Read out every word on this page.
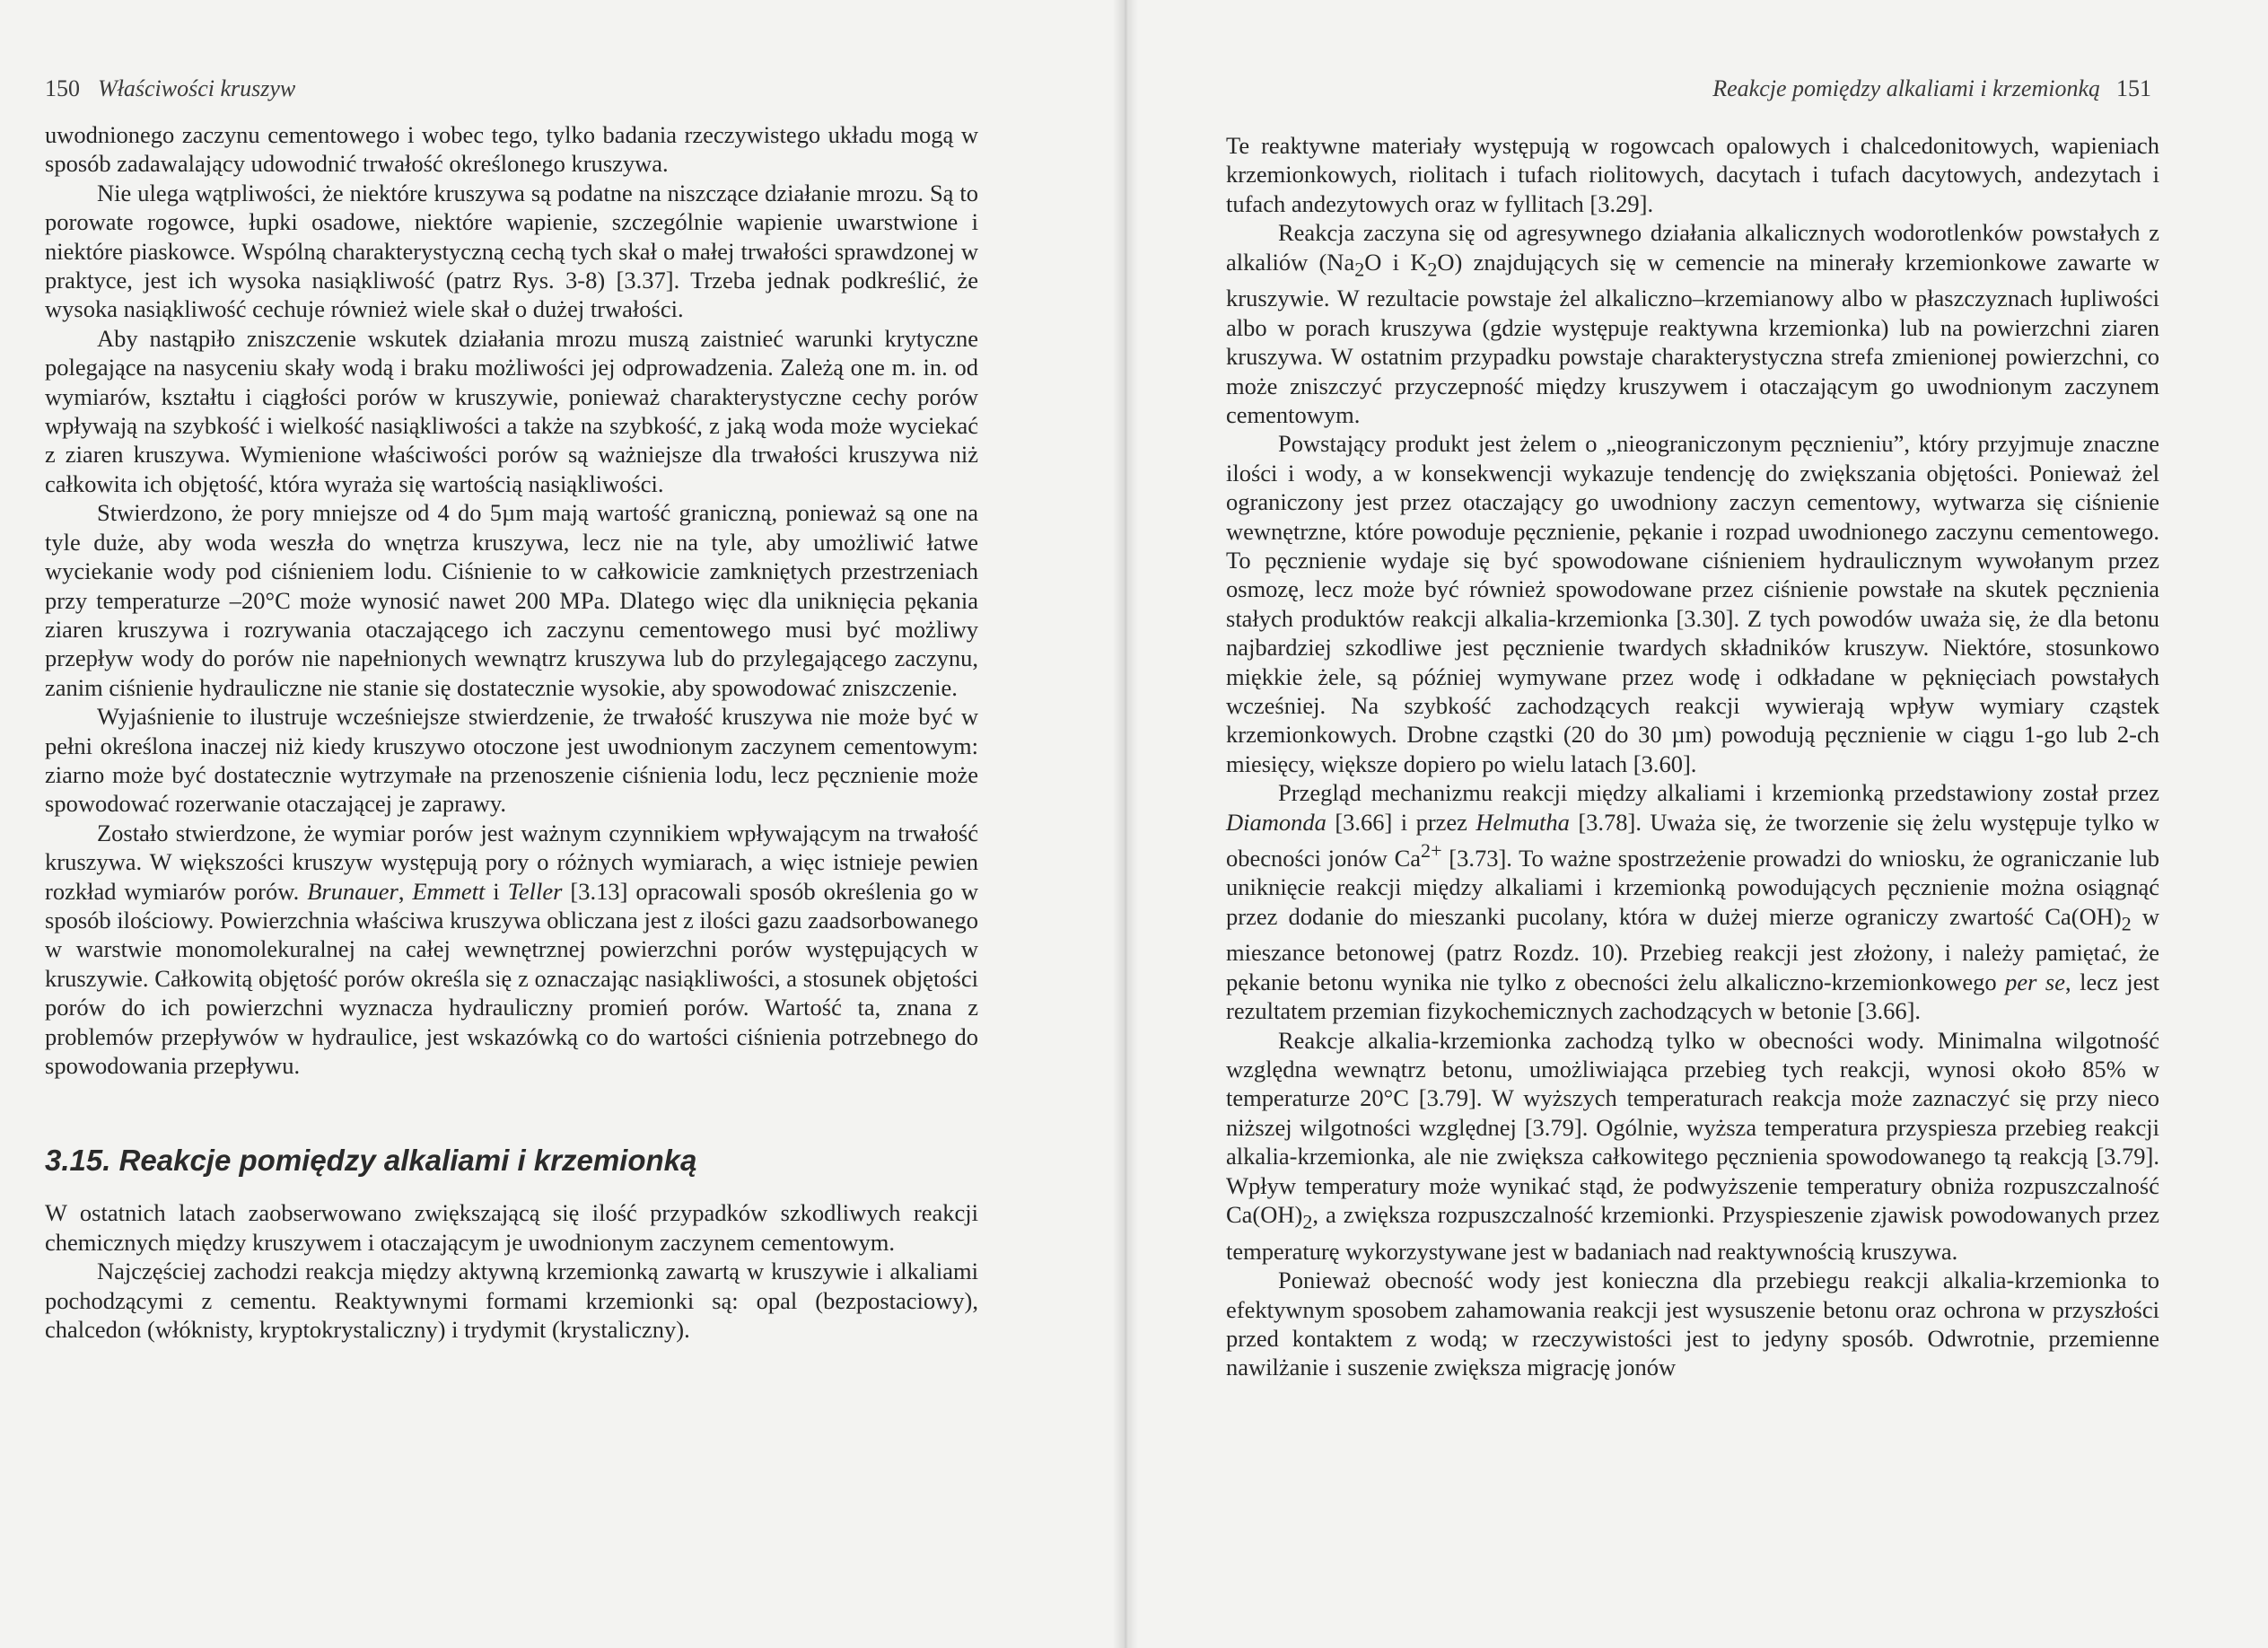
150 Właściwości kruszyw

uwodnionego zaczynu cementowego i wobec tego, tylko badania rzeczywistego układu mogą w sposób zadawalający udowodnić trwałość określonego kruszywa.

Nie ulega wątpliwości, że niektóre kruszywa są podatne na niszczące działanie mrozu. Są to porowate rogowce, łupki osadowe, niektóre wapienie, szczególnie wapienie uwarstwione i niektóre piaskowce. Wspólną charakterystyczną cechą tych skał o małej trwałości sprawdzonej w praktyce, jest ich wysoka nasiąkliwość (patrz Rys. 3-8) [3.37]. Trzeba jednak podkreślić, że wysoka nasiąkliwość cechuje również wiele skał o dużej trwałości.

Aby nastąpiło zniszczenie wskutek działania mrozu muszą zaistnieć warunki krytyczne polegające na nasyceniu skały wodą i braku możliwości jej odprowadzenia. Zależą one m. in. od wymiarów, kształtu i ciągłości porów w kruszywie, ponieważ charakterystyczne cechy porów wpływają na szybkość i wielkość nasiąkliwości a także na szybkość, z jaką woda może wyciekać z ziaren kruszywa. Wymienione właściwości porów są ważniejsze dla trwałości kruszywa niż całkowita ich objętość, która wyraża się wartością nasiąkliwości.

Stwierdzono, że pory mniejsze od 4 do 5µm mają wartość graniczną, ponieważ są one na tyle duże, aby woda weszła do wnętrza kruszywa, lecz nie na tyle, aby umożliwić łatwe wyciekanie wody pod ciśnieniem lodu. Ciśnienie to w całkowicie zamkniętych przestrzeniach przy temperaturze –20°C może wynosić nawet 200 MPa. Dlatego więc dla uniknięcia pękania ziaren kruszywa i rozrywania otaczającego ich zaczynu cementowego musi być możliwy przepływ wody do porów nie napełnionych wewnątrz kruszywa lub do przylegającego zaczynu, zanim ciśnienie hydrauliczne nie stanie się dostatecznie wysokie, aby spowodować zniszczenie.

Wyjaśnienie to ilustruje wcześniejsze stwierdzenie, że trwałość kruszywa nie może być w pełni określona inaczej niż kiedy kruszywo otoczone jest uwodnionym zaczynem cementowym: ziarno może być dostatecznie wytrzymałe na przenoszenie ciśnienia lodu, lecz pęcznienie może spowodować rozerwanie otaczającej je zaprawy.

Zostało stwierdzone, że wymiar porów jest ważnym czynnikiem wpływającym na trwałość kruszywa. W większości kruszyw występują pory o różnych wymiarach, a więc istnieje pewien rozkład wymiarów porów. Brunauer, Emmett i Teller [3.13] opracowali sposób określenia go w sposób ilościowy. Powierzchnia właściwa kruszywa obliczana jest z ilości gazu zaadsorbowanego w warstwie monomolekuralnej na całej wewnętrznej powierzchni porów występujących w kruszywie. Całkowitą objętość porów określa się z oznaczając nasiąkliwości, a stosunek objętości porów do ich powierzchni wyznacza hydrauliczny promień porów. Wartość ta, znana z problemów przepływów w hydraulice, jest wskazówką co do wartości ciśnienia potrzebnego do spowodowania przepływu.

3.15. Reakcje pomiędzy alkaliami i krzemionką

W ostatnich latach zaobserwowano zwiększającą się ilość przypadków szkodliwych reakcji chemicznych między kruszywem i otaczającym je uwodnionym zaczynem cementowym.

Najczęściej zachodzi reakcja między aktywną krzemionką zawartą w kruszywie i alkaliami pochodzącymi z cementu. Reaktywnymi formami krzemionki są: opal (bezpostaciowy), chalcedon (włóknisty, kryptokrystaliczny) i trydymit (krystaliczny).

Reakcje pomiędzy alkaliami i krzemionką 151

Te reaktywne materiały występują w rogowcach opalowych i chalcedonitowych, wapieniach krzemionkowych, riolitach i tufach riolitowych, dacytach i tufach dacytowych, andezytach i tufach andezytowych oraz w fyllitach [3.29].

Reakcja zaczyna się od agresywnego działania alkalicznych wodorotlenków powstałych z alkaliów ($Na_2O$ i $K_2O$) znajdujących się w cemencie na minerały krzemionkowe zawarte w kruszywie. W rezultacie powstaje żel alkaliczno–krzemianowy albo w płaszczyznach łupliwości albo w porach kruszywa (gdzie występuje reaktywna krzemionka) lub na powierzchni ziaren kruszywa. W ostatnim przypadku powstaje charakterystyczna strefa zmienionej powierzchni, co może zniszczyć przyczepność między kruszywem i otaczającym go uwodnionym zaczynem cementowym.

Powstający produkt jest żelem o „nieograniczonym pęcznieniu”, który przyjmuje znaczne ilości i wody, a w konsekwencji wykazuje tendencję do zwiększania objętości. Ponieważ żel ograniczony jest przez otaczający go uwodniony zaczyn cementowy, wytwarza się ciśnienie wewnętrzne, które powoduje pęcznienie, pękanie i rozpad uwodnionego zaczynu cementowego. To pęcznienie wydaje się być spowodowane ciśnieniem hydraulicznym wywołanym przez osmozę, lecz może być również spowodowane przez ciśnienie powstałe na skutek pęcznienia stałych produktów reakcji alkalia-krzemionka [3.30]. Z tych powodów uważa się, że dla betonu najbardziej szkodliwe jest pęcznienie twardych składników kruszyw. Niektóre, stosunkowo miękkie żele, są później wymywane przez wodę i odkładane w pęknięciach powstałych wcześniej. Na szybkość zachodzących reakcji wywierają wpływ wymiary cząstek krzemionkowych. Drobne cząstki (20 do 30 µm) powodują pęcznienie w ciągu 1-go lub 2-ch miesięcy, większe dopiero po wielu latach [3.60].

Przegląd mechanizmu reakcji między alkaliami i krzemionką przedstawiony został przez Diamonda [3.66] i przez Helmutha [3.78]. Uważa się, że tworzenie się żelu występuje tylko w obecności jonów $Ca^{2+}$ [3.73]. To ważne spostrzeżenie prowadzi do wniosku, że ograniczanie lub uniknięcie reakcji między alkaliami i krzemionką powodujących pęcznienie można osiągnąć przez dodanie do mieszanki pucolany, która w dużej mierze ograniczy zwartość $Ca(OH)_2$ w mieszance betonowej (patrz Rozdz. 10). Przebieg reakcji jest złożony, i należy pamiętać, że pękanie betonu wynika nie tylko z obecności żelu alkaliczno-krzemionkowego per se, lecz jest rezultatem przemian fizykochemicznych zachodzących w betonie [3.66].

Reakcje alkalia-krzemionka zachodzą tylko w obecności wody. Minimalna wilgotność względna wewnątrz betonu, umożliwiająca przebieg tych reakcji, wynosi około 85% w temperaturze 20°C [3.79]. W wyższych temperaturach reakcja może zaznaczyć się przy nieco niższej wilgotności względnej [3.79]. Ogólnie, wyższa temperatura przyspiesza przebieg reakcji alkalia-krzemionka, ale nie zwiększa całkowitego pęcznienia spowodowanego tą reakcją [3.79]. Wpływ temperatury może wynikać stąd, że podwyższenie temperatury obniża rozpuszczalność $Ca(OH)_2$, a zwiększa rozpuszczalność krzemionki. Przyspieszenie zjawisk powodowanych przez temperaturę wykorzystywane jest w badaniach nad reaktywnością kruszywa.

Ponieważ obecność wody jest konieczna dla przebiegu reakcji alkalia-krzemionka to efektywnym sposobem zahamowania reakcji jest wysuszenie betonu oraz ochrona w przyszłości przed kontaktem z wodą; w rzeczywistości jest to jedyny sposób. Odwrotnie, przemienne nawilżanie i suszenie zwiększa migrację jonów
